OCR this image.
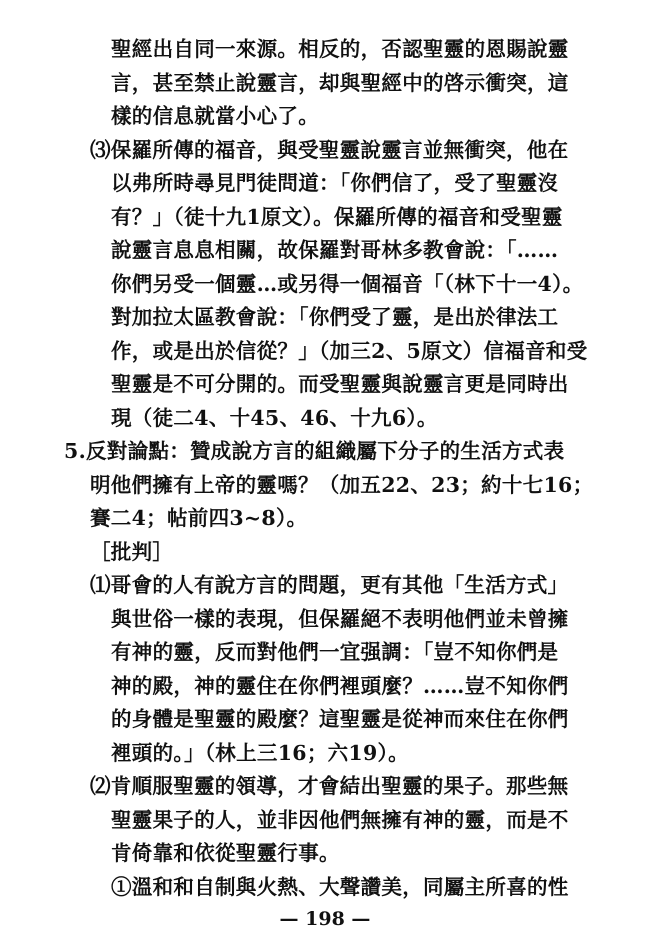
聖經出自同一來源。相反的，否認聖靈的恩賜說靈
言，甚至禁止說靈言，却與聖經中的啓示衝突，這
樣的信息就當小心了。
⑶保羅所傳的福音，與受聖靈說靈言並無衝突，他在
以弗所時尋見門徒問道：「你們信了，受了聖靈沒
有？」（徒十九1原文）。保羅所傳的福音和受聖靈
說靈言息息相關，故保羅對哥林多教會說：「……
你們另受一個靈…或另得一個福音「（林下十一4）。
對加拉太區教會說：「你們受了靈，是出於律法工
作，或是出於信從？」（加三2、5原文）信福音和受
聖靈是不可分開的。而受聖靈與說靈言更是同時出
現（徒二4、十45、46、十九6）。
5.反對論點：贊成說方言的組織屬下分子的生活方式表
明他們擁有上帝的靈嗎？（加五22、23；約十七16；
賽二4；帖前四3~8）。
［批判］
⑴哥會的人有說方言的問題，更有其他「生活方式」
與世俗一樣的表現，但保羅絕不表明他們並未曾擁
有神的靈，反而對他們一宜强調：「豈不知你們是
神的殿，神的靈住在你們裡頭麼？……豈不知你們
的身體是聖靈的殿麼？這聖靈是從神而來住在你們
裡頭的。」（林上三16；六19）。
⑵肯順服聖靈的領導，才會結出聖靈的果子。那些無
聖靈果子的人，並非因他們無擁有神的靈，而是不
肯倚靠和依從聖靈行事。
①溫和和自制與火熱、大聲讚美，同屬主所喜的性
— 198 —
